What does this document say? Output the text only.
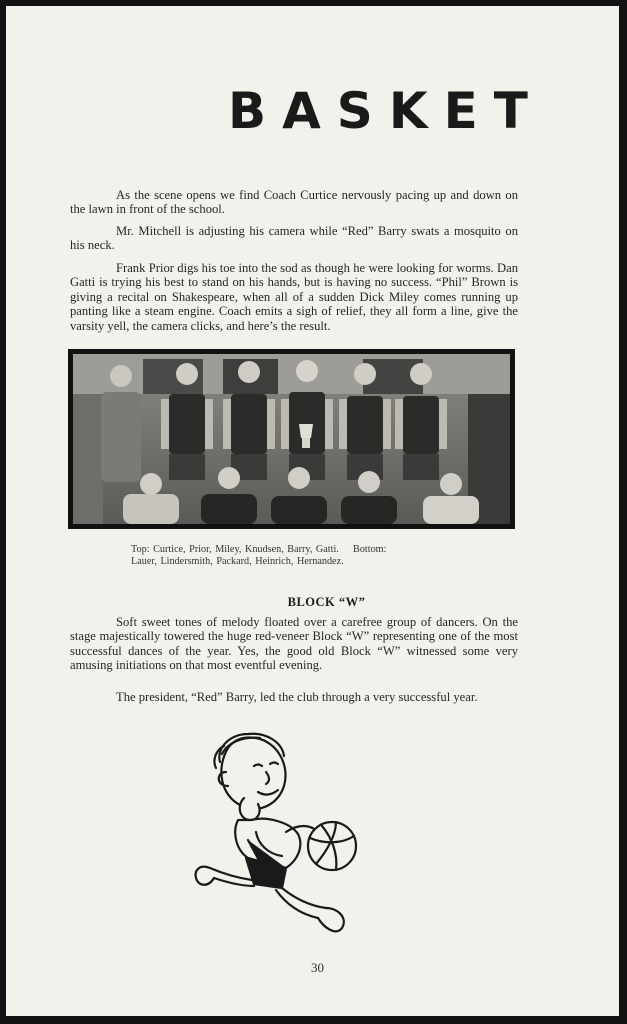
BASKET

As the scene opens we find Coach Curtice nervously pacing up and down on the lawn in front of the school.

Mr. Mitchell is adjusting his camera while “Red” Barry swats a mosquito on his neck.

Frank Prior digs his toe into the sod as though he were looking for worms. Dan Gatti is trying his best to stand on his hands, but is having no success. “Phil” Brown is giving a recital on Shakespeare, when all of a sudden Dick Miley comes running up panting like a steam engine. Coach emits a sigh of relief, they all form a line, give the varsity yell, the camera clicks, and here’s the result.

Top: Curtice, Prior, Miley, Knudsen, Barry, Gatti.    Bottom:
Lauer, Lindersmith, Packard, Heinrich, Hernandez.

BLOCK “W”

Soft sweet tones of melody floated over a carefree group of dancers. On the stage majestically towered the huge red-veneer Block “W” representing one of the most successful dances of the year. Yes, the good old Block “W” witnessed some very amusing initiations on that most eventful evening.

The president, “Red” Barry, led the club through a very successful year.

30
